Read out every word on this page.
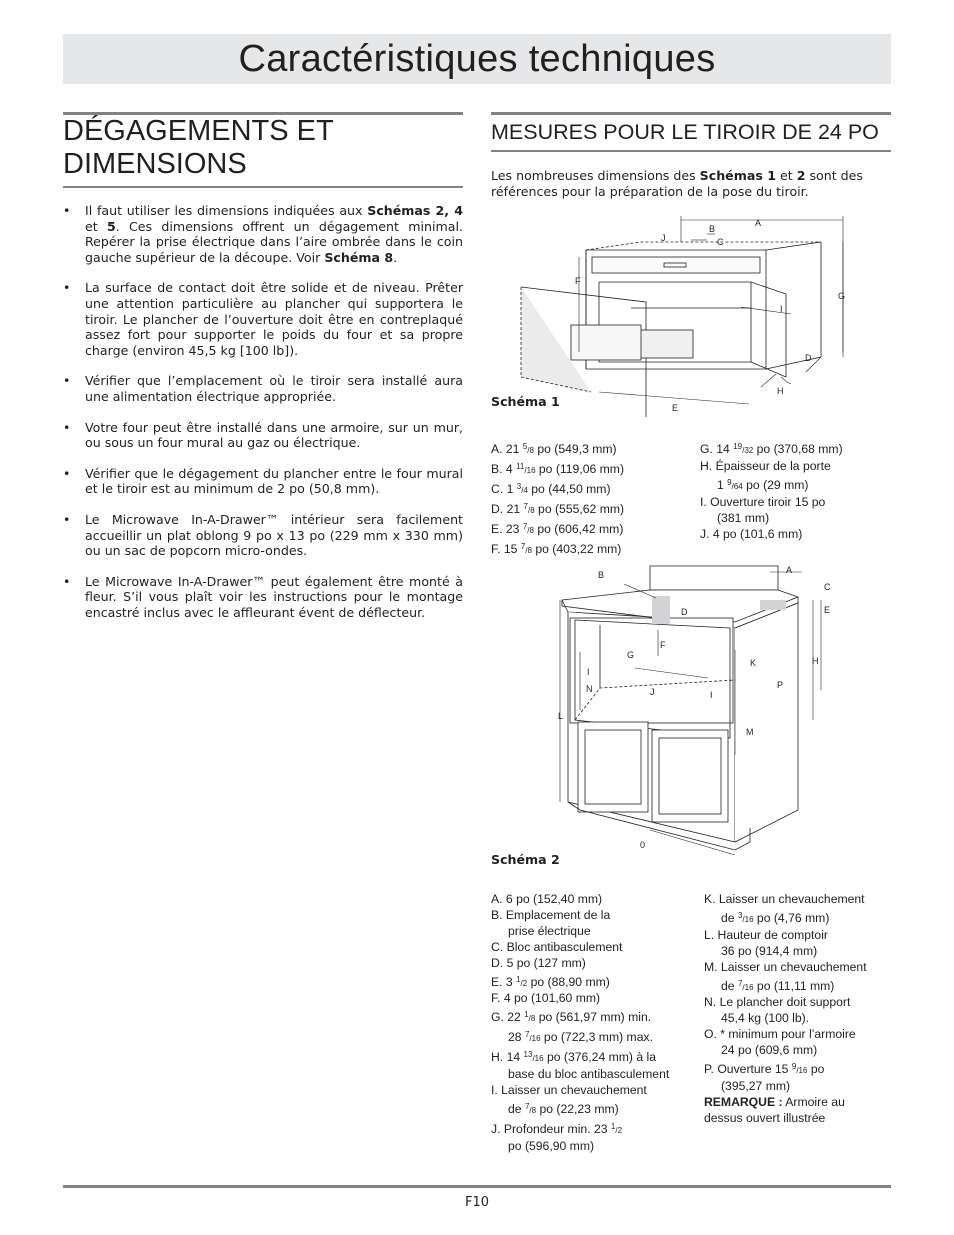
Caractéristiques techniques
DÉGAGEMENTS ET
DIMENSIONS
• Il faut utiliser les dimensions indiquées aux Schémas 2, 4 et 5. Ces dimensions offrent un dégagement minimal. Repérer la prise électrique dans l’aire ombrée dans le coin gauche supérieur de la découpe. Voir Schéma 8.
• La surface de contact doit être solide et de niveau. Prêter une attention particulière au plancher qui supportera le tiroir. Le plancher de l’ouverture doit être en contreplaqué assez fort pour supporter le poids du four et sa propre charge (environ 45,5 kg [100 lb]).
• Vérifier que l’emplacement où le tiroir sera installé aura une alimentation électrique appropriée.
• Votre four peut être installé dans une armoire, sur un mur, ou sous un four mural au gaz ou électrique.
• Vérifier que le dégagement du plancher entre le four mural et le tiroir est au minimum de 2 po (50,8 mm).
• Le Microwave In-A-Drawer™ intérieur sera facilement accueillir un plat oblong 9 po x 13 po (229 mm x 330 mm) ou un sac de popcorn micro-ondes.
• Le Microwave In-A-Drawer™ peut également être monté à fleur. S’il vous plaît voir les instructions pour le montage encastré inclus avec le affleurant évent de déflecteur.
MESURES POUR LE TIROIR DE 24 PO

Les nombreuses dimensions des Schémas 1 et 2 sont des références pour la préparation de la pose du tiroir.

A
B
C
D
E
F
G
H
I
J
Schéma 1
A. 21 $^5$/8 po (549,3 mm)
B. 4 $^{11}$/16 po (119,06 mm)
C. 1 $^3$/4 po (44,50 mm)
D. 21 $^7$/8 po (555,62 mm)
E. 23 $^7$/8 po (606,42 mm)
F. 15 $^7$/8 po (403,22 mm)
G. 14 $^{19}$/32 po (370,68 mm)
H. Épaisseur de la porte
1 $^9$/64 po (29 mm)
I. Ouverture tiroir 15 po
(381 mm)
J. 4 po (101,6 mm)
A
B
C
D	E
F
G
H
I
I
J
K
L
M
N
0
P
Schéma 2
A. 6 po (152,40 mm)
B. Emplacement de la
prise électrique
C. Bloc antibasculement
D. 5 po (127 mm)
E. 3 $^1$/2 po (88,90 mm)
F. 4 po (101,60 mm)
G. 22 $^1$/8 po (561,97 mm) min.
28 $^7$/16 po (722,3 mm) max.
H. 14 $^{13}$/16 po (376,24 mm) à la
base du bloc antibasculement
I. Laisser un chevauchement
de $^7$/8 po (22,23 mm)
J. Profondeur min. 23 $^1$/2
po (596,90 mm)
K. Laisser un chevauchement
de $^3$/16 po (4,76 mm)
L. Hauteur de comptoir
36 po (914,4 mm)
M. Laisser un chevauchement
de $^7$/16 po (11,11 mm)
N. Le plancher doit support
45,4 kg (100 lb).
O. * minimum pour l’armoire
24 po (609,6 mm)
P. Ouverture 15 $^9$/16 po
(395,27 mm)
REMARQUE : Armoire au
dessus ouvert illustrée
F10
